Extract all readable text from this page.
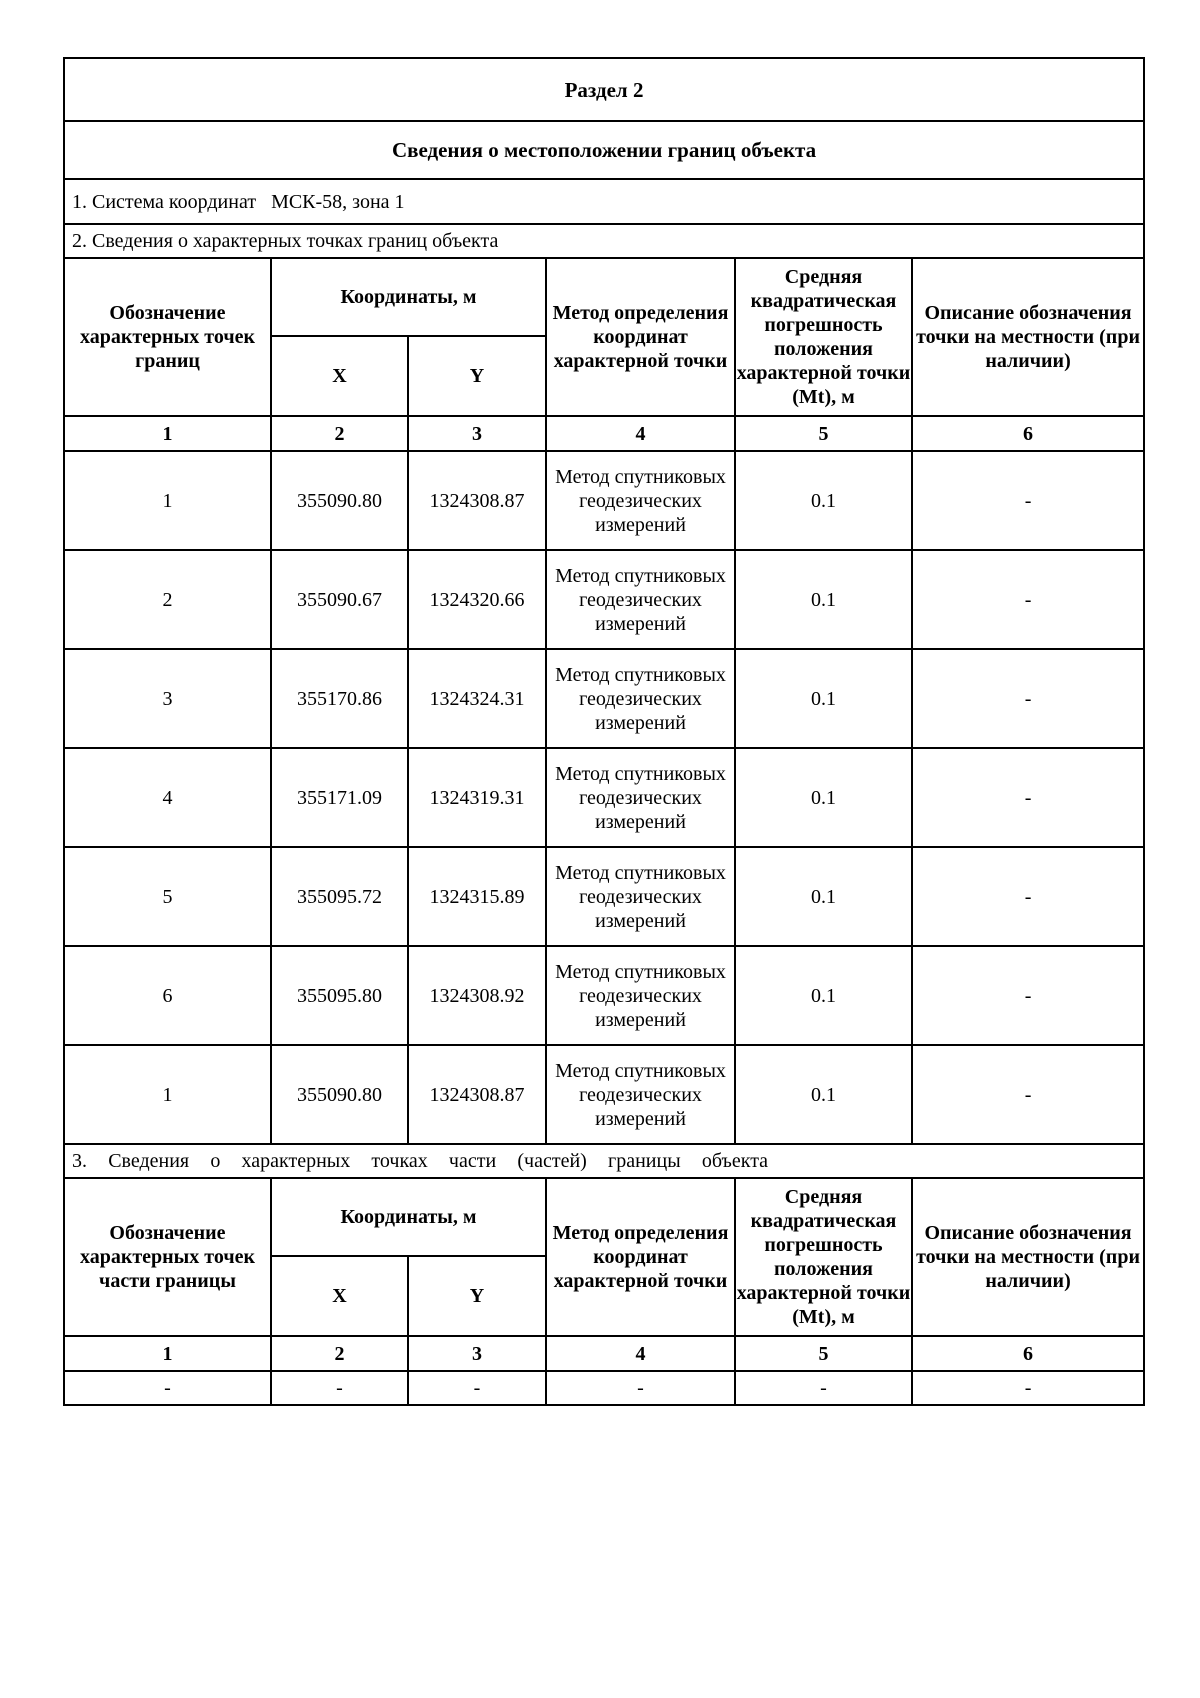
Раздел 2					
Сведения о местоположении границ объекта					
1. Система координат МСК-58, зона 1					
2. Сведения о характерных точках границ объекта					
Обозначение характерных точек границ	Координаты, м		Метод определения координат характерной точки	Средняя квадратическая погрешность положения характерной точки (Mt), м	Описание обозначения точки на местности (при наличии)
	X	Y			
1	2	3	4	5	6
1	355090.80	1324308.87	Метод спутниковых геодезических измерений	0.1	-
2	355090.67	1324320.66	Метод спутниковых геодезических измерений	0.1	-
3	355170.86	1324324.31	Метод спутниковых геодезических измерений	0.1	-
4	355171.09	1324319.31	Метод спутниковых геодезических измерений	0.1	-
5	355095.72	1324315.89	Метод спутниковых геодезических измерений	0.1	-
6	355095.80	1324308.92	Метод спутниковых геодезических измерений	0.1	-
1	355090.80	1324308.87	Метод спутниковых геодезических измерений	0.1	-

3. Сведения о характерных точках части (частей) границы объекта					

Обозначение характерных точек части границы	Координаты, м		Метод определения координат характерной точки	Средняя квадратическая погрешность положения характерной точки (Mt), м	Описание обозначения точки на местности (при наличии)
	X	Y			
1	2	3	4	5	6
-	-	-	-	-	-
